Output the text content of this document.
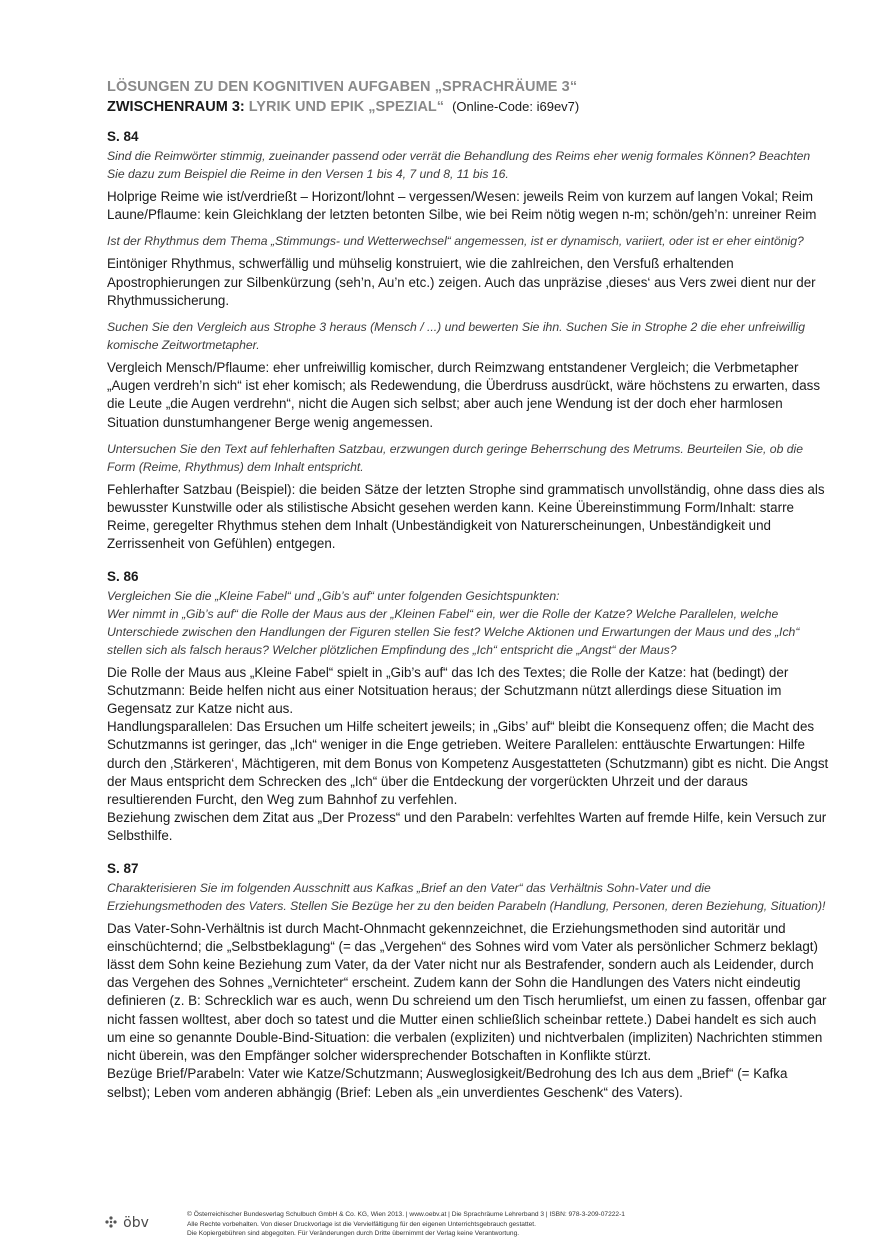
LÖSUNGEN ZU DEN KOGNITIVEN AUFGABEN „SPRACHRÄUME 3“

ZWISCHENRAUM 3: LYRIK UND EPIK „SPEZIAL“ (Online-Code: i69ev7)

S. 84

Sind die Reimwörter stimmig, zueinander passend oder verrät die Behandlung des Reims eher wenig formales Können? Beachten Sie dazu zum Beispiel die Reime in den Versen 1 bis 4, 7 und 8, 11 bis 16.

Holprige Reime wie ist/verdrießt – Horizont/lohnt – vergessen/Wesen: jeweils Reim von kurzem auf langen Vokal; Reim Laune/Pflaume: kein Gleichklang der letzten betonten Silbe, wie bei Reim nötig wegen n-m; schön/geh’n: unreiner Reim

Ist der Rhythmus dem Thema „Stimmungs- und Wetterwechsel“ angemessen, ist er dynamisch, variiert, oder ist er eher eintönig?

Eintöniger Rhythmus, schwerfällig und mühselig konstruiert, wie die zahlreichen, den Versfuß erhaltenden Apostrophierungen zur Silbenkürzung (seh’n, Au’n etc.) zeigen. Auch das unpräzise ‚dieses‘ aus Vers zwei dient nur der Rhythmussicherung.

Suchen Sie den Vergleich aus Strophe 3 heraus (Mensch / ...) und bewerten Sie ihn. Suchen Sie in Strophe 2 die eher unfreiwillig komische Zeitwortmetapher.

Vergleich Mensch/Pflaume: eher unfreiwillig komischer, durch Reimzwang entstandener Vergleich; die Verbmetapher „Augen verdreh’n sich“ ist eher komisch; als Redewendung, die Überdruss ausdrückt, wäre höchstens zu erwarten, dass die Leute „die Augen verdrehn“, nicht die Augen sich selbst; aber auch jene Wendung ist der doch eher harmlosen Situation dunstumhangener Berge wenig angemessen.

Untersuchen Sie den Text auf fehlerhaften Satzbau, erzwungen durch geringe Beherrschung des Metrums. Beurteilen Sie, ob die Form (Reime, Rhythmus) dem Inhalt entspricht.

Fehlerhafter Satzbau (Beispiel): die beiden Sätze der letzten Strophe sind grammatisch unvollständig, ohne dass dies als bewusster Kunstwille oder als stilistische Absicht gesehen werden kann. Keine Übereinstimmung Form/Inhalt: starre Reime, geregelter Rhythmus stehen dem Inhalt (Unbeständigkeit von Naturerscheinungen, Unbeständigkeit und Zerrissenheit von Gefühlen) entgegen.

S. 86

Vergleichen Sie die „Kleine Fabel“ und „Gib’s auf“ unter folgenden Gesichtspunkten:

Wer nimmt in „Gib’s auf“ die Rolle der Maus aus der „Kleinen Fabel“ ein, wer die Rolle der Katze? Welche Parallelen, welche Unterschiede zwischen den Handlungen der Figuren stellen Sie fest? Welche Aktionen und Erwartungen der Maus und des „Ich“ stellen sich als falsch heraus? Welcher plötzlichen Empfindung des „Ich“ entspricht die „Angst“ der Maus?

Die Rolle der Maus aus „Kleine Fabel“ spielt in „Gib’s auf“ das Ich des Textes; die Rolle der Katze: hat (bedingt) der Schutzmann: Beide helfen nicht aus einer Notsituation heraus; der Schutzmann nützt allerdings diese Situation im Gegensatz zur Katze nicht aus.

Handlungsparallelen: Das Ersuchen um Hilfe scheitert jeweils; in „Gibs’ auf“ bleibt die Konsequenz offen; die Macht des Schutzmanns ist geringer, das „Ich“ weniger in die Enge getrieben. Weitere Parallelen: enttäuschte Erwartungen: Hilfe durch den ‚Stärkeren‘, Mächtigeren, mit dem Bonus von Kompetenz Ausgestatteten (Schutzmann) gibt es nicht. Die Angst der Maus entspricht dem Schrecken des „Ich“ über die Entdeckung der vorgerückten Uhrzeit und der daraus resultierenden Furcht, den Weg zum Bahnhof zu verfehlen.

Beziehung zwischen dem Zitat aus „Der Prozess“ und den Parabeln: verfehltes Warten auf fremde Hilfe, kein Versuch zur Selbsthilfe.

S. 87

Charakterisieren Sie im folgenden Ausschnitt aus Kafkas „Brief an den Vater“ das Verhältnis Sohn-Vater und die Erziehungsmethoden des Vaters. Stellen Sie Bezüge her zu den beiden Parabeln (Handlung, Personen, deren Beziehung, Situation)!

Das Vater-Sohn-Verhältnis ist durch Macht-Ohnmacht gekennzeichnet, die Erziehungsmethoden sind autoritär und einschüchternd; die „Selbstbeklagung“ (= das „Vergehen“ des Sohnes wird vom Vater als persönlicher Schmerz beklagt) lässt dem Sohn keine Beziehung zum Vater, da der Vater nicht nur als Bestrafender, sondern auch als Leidender, durch das Vergehen des Sohnes „Vernichteter“ erscheint. Zudem kann der Sohn die Handlungen des Vaters nicht eindeutig definieren (z. B: Schrecklich war es auch, wenn Du schreiend um den Tisch herumliefst, um einen zu fassen, offenbar gar nicht fassen wolltest, aber doch so tatest und die Mutter einen schließlich scheinbar rettete.) Dabei handelt es sich auch um eine so genannte Double-Bind-Situation: die verbalen (expliziten) und nichtverbalen (impliziten) Nachrichten stimmen nicht überein, was den Empfänger solcher widersprechender Botschaften in Konflikte stürzt.

Bezüge Brief/Parabeln: Vater wie Katze/Schutzmann; Ausweglosigkeit/Bedrohung des Ich aus dem „Brief“ (= Kafka selbst); Leben vom anderen abhängig (Brief: Leben als „ein unverdientes Geschenk“ des Vaters).

öbv
© Österreichischer Bundesverlag Schulbuch GmbH & Co. KG, Wien 2013. | www.oebv.at | Die Sprachräume Lehrerband 3 | ISBN: 978-3-209-07222-1
Alle Rechte vorbehalten. Von dieser Druckvorlage ist die Vervielfältigung für den eigenen Unterrichtsgebrauch gestattet.
Die Kopiergebühren sind abgegolten. Für Veränderungen durch Dritte übernimmt der Verlag keine Verantwortung.
